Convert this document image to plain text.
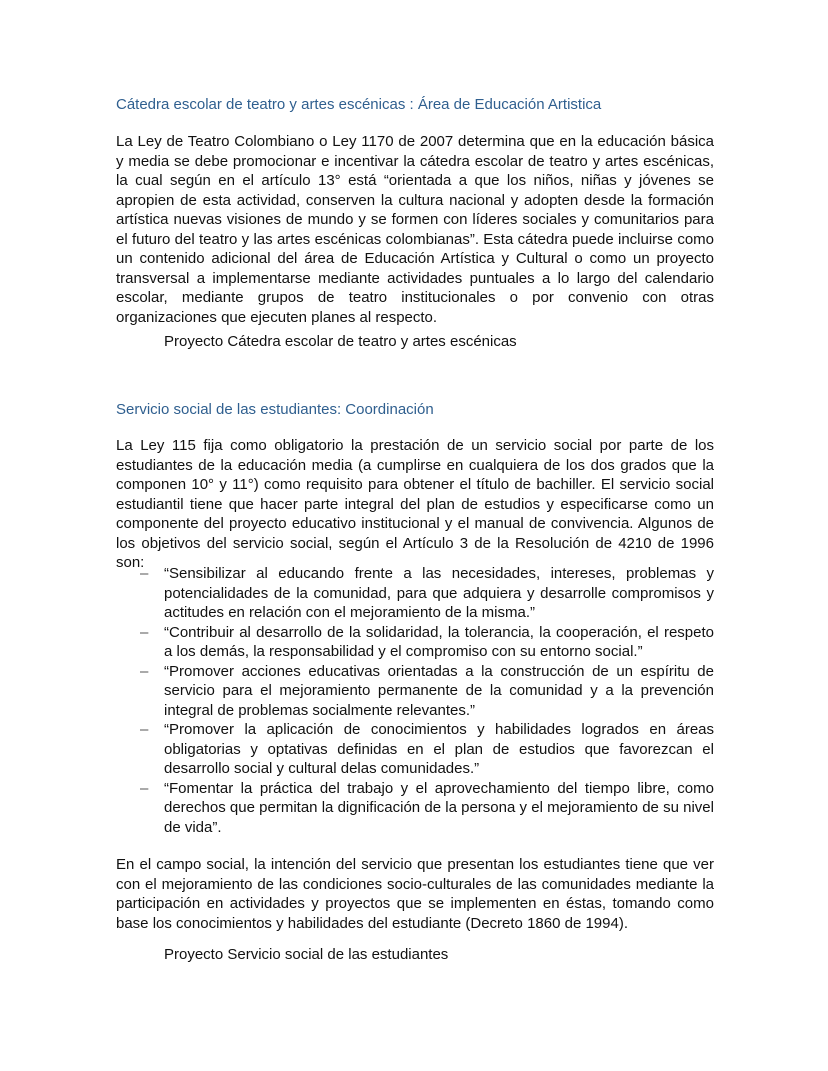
Cátedra escolar de teatro y artes escénicas : Área de Educación Artistica

La Ley de Teatro Colombiano o Ley 1170 de 2007 determina que en la educación básica y media se debe promocionar e incentivar la cátedra escolar de teatro y artes escénicas, la cual según en el artículo 13° está “orientada a que los niños, niñas y jóvenes se apropien de esta actividad, conserven la cultura nacional y adopten desde la formación artística nuevas visiones de mundo y se formen con líderes sociales y comunitarios para el futuro del teatro y las artes escénicas colombianas”. Esta cátedra puede incluirse como un contenido adicional del área de Educación Artística y Cultural o como un proyecto transversal a implementarse mediante actividades puntuales a lo largo del calendario escolar, mediante grupos de teatro institucionales o por convenio con otras organizaciones que ejecuten planes al respecto.

Proyecto Cátedra escolar de teatro y artes escénicas

Servicio social de las estudiantes: Coordinación

La Ley 115 fija como obligatorio la prestación de un servicio social por parte de los estudiantes de la educación media (a cumplirse en cualquiera de los dos grados que la componen 10° y 11°) como requisito para obtener el título de bachiller. El servicio social estudiantil tiene que hacer parte integral del plan de estudios y especificarse como un componente del proyecto educativo institucional y el manual de convivencia. Algunos de los objetivos del servicio social, según el Artículo 3 de la Resolución de 4210 de 1996 son:

–	“Sensibilizar al educando frente a las necesidades, intereses, problemas y potencialidades de la comunidad, para que adquiera y desarrolle compromisos y actitudes en relación con el mejoramiento de la misma.”
–	“Contribuir al desarrollo de la solidaridad, la tolerancia, la cooperación, el respeto a los demás, la responsabilidad y el compromiso con su entorno social.”
–	“Promover acciones educativas orientadas a la construcción de un espíritu de servicio para el mejoramiento permanente de la comunidad y a la prevención integral de problemas socialmente relevantes.”
–	“Promover la aplicación de conocimientos y habilidades logrados en áreas obligatorias y optativas definidas en el plan de estudios que favorezcan el desarrollo social y cultural delas comunidades.”
–	“Fomentar la práctica del trabajo y el aprovechamiento del tiempo libre, como derechos que permitan la dignificación de la persona y el mejoramiento de su nivel de vida”.

En el campo social, la intención del servicio que presentan los estudiantes tiene que ver con el mejoramiento de las condiciones socio-culturales de las comunidades mediante la participación en actividades y proyectos que se implementen en éstas, tomando como base los conocimientos y habilidades del estudiante (Decreto 1860 de 1994).

Proyecto Servicio social de las estudiantes
